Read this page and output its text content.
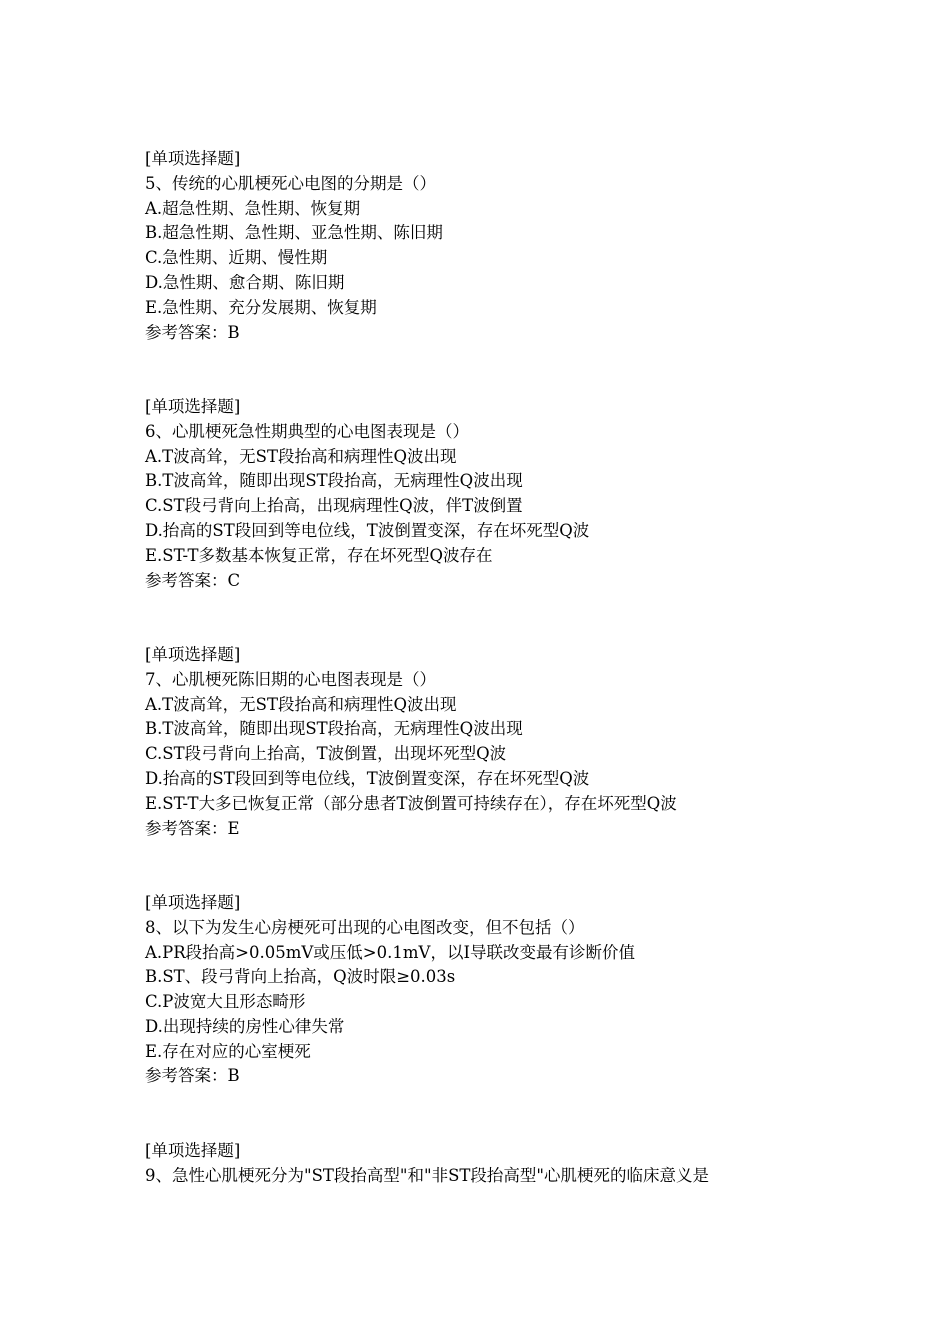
[单项选择题]
5、传统的心肌梗死心电图的分期是（）
A.超急性期、急性期、恢复期
B.超急性期、急性期、亚急性期、陈旧期
C.急性期、近期、慢性期
D.急性期、愈合期、陈旧期
E.急性期、充分发展期、恢复期
参考答案：B
[单项选择题]
6、心肌梗死急性期典型的心电图表现是（）
A.T波高耸，无ST段抬高和病理性Q波出现
B.T波高耸，随即出现ST段抬高，无病理性Q波出现
C.ST段弓背向上抬高，出现病理性Q波，伴T波倒置
D.抬高的ST段回到等电位线，T波倒置变深，存在坏死型Q波
E.ST-T多数基本恢复正常，存在坏死型Q波存在
参考答案：C
[单项选择题]
7、心肌梗死陈旧期的心电图表现是（）
A.T波高耸，无ST段抬高和病理性Q波出现
B.T波高耸，随即出现ST段抬高，无病理性Q波出现
C.ST段弓背向上抬高，T波倒置，出现坏死型Q波
D.抬高的ST段回到等电位线，T波倒置变深，存在坏死型Q波
E.ST-T大多已恢复正常（部分患者T波倒置可持续存在），存在坏死型Q波
参考答案：E
[单项选择题]
8、以下为发生心房梗死可出现的心电图改变，但不包括（）
A.PR段抬高>0.05mV或压低>0.1mV，以I导联改变最有诊断价值
B.ST、段弓背向上抬高，Q波时限≥0.03s
C.P波宽大且形态畸形
D.出现持续的房性心律失常
E.存在对应的心室梗死
参考答案：B
[单项选择题]
9、急性心肌梗死分为"ST段抬高型"和"非ST段抬高型"心肌梗死的临床意义是
